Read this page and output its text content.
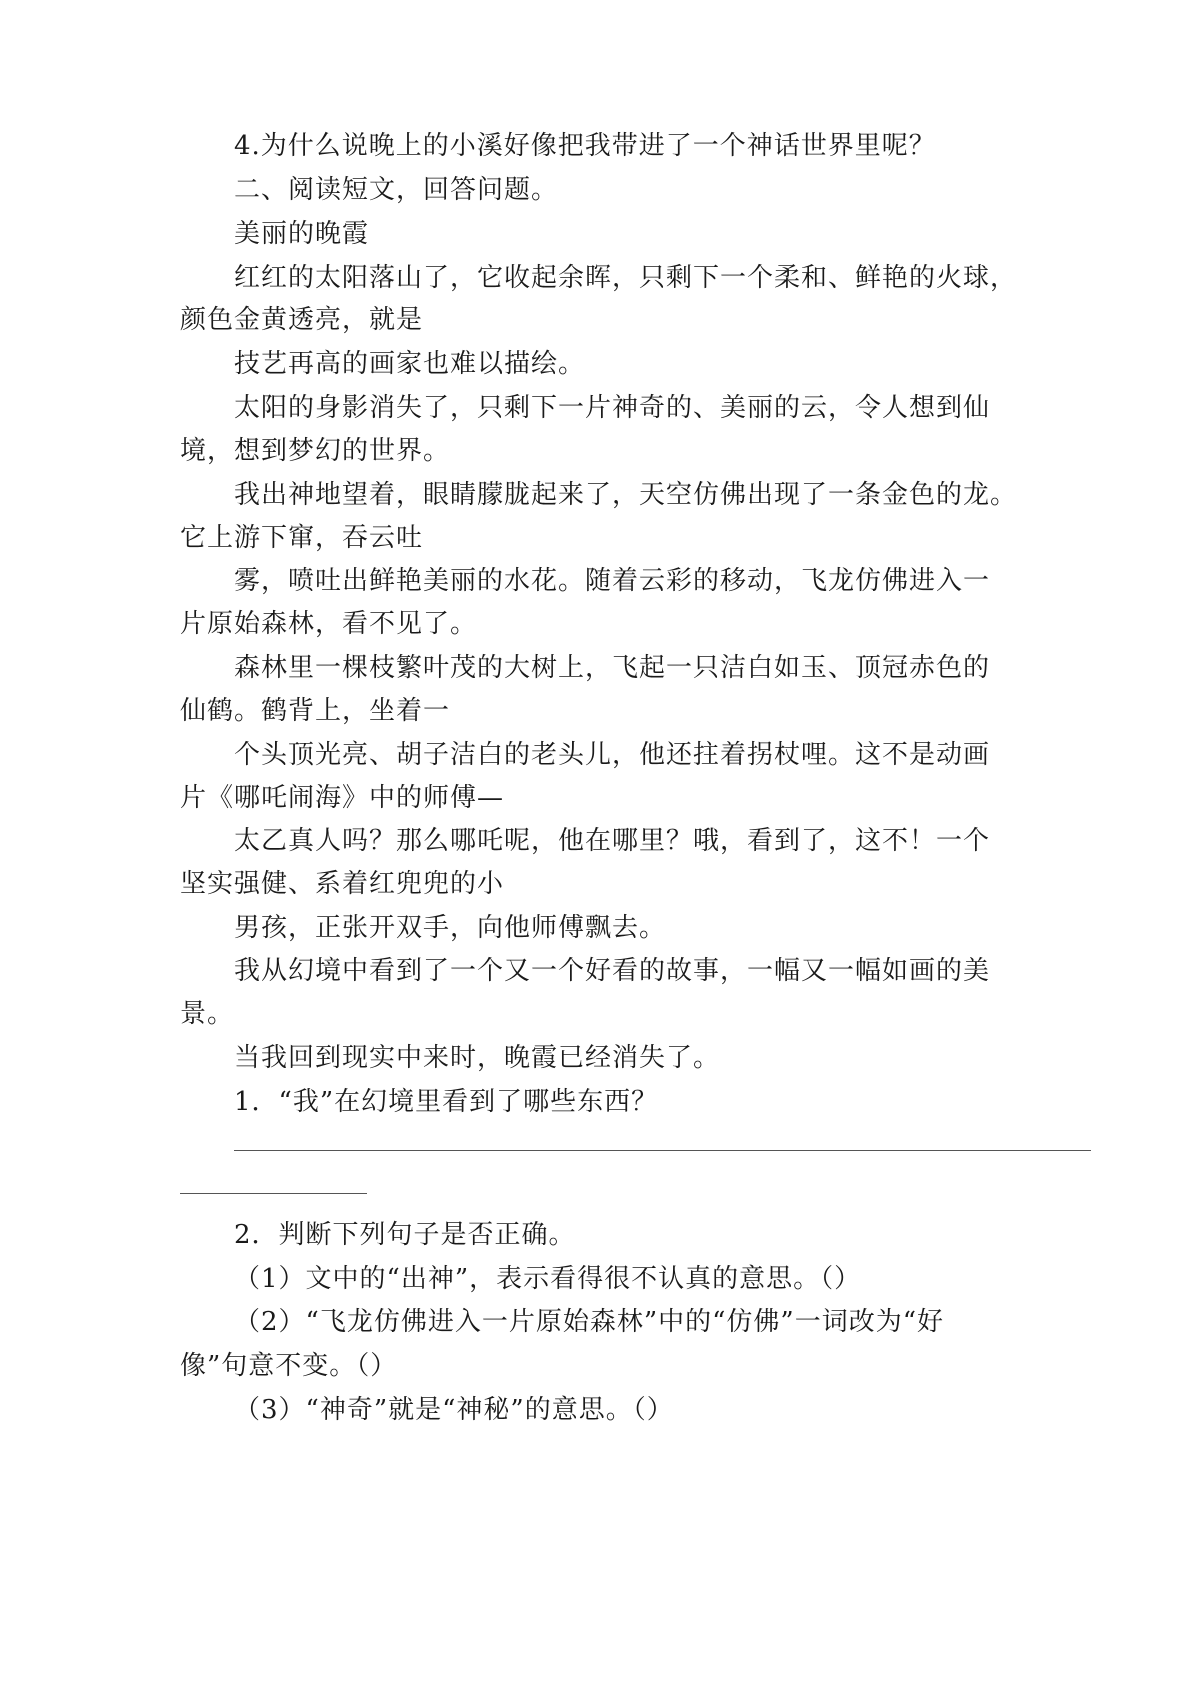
4.为什么说晚上的小溪好像把我带进了一个神话世界里呢？
二、阅读短文，回答问题。
美丽的晚霞
红红的太阳落山了，它收起余晖，只剩下一个柔和、鲜艳的火球，
颜色金黄透亮，就是
技艺再高的画家也难以描绘。
太阳的身影消失了，只剩下一片神奇的、美丽的云，令人想到仙
境，想到梦幻的世界。
我出神地望着，眼睛朦胧起来了，天空仿佛出现了一条金色的龙。
它上游下窜，吞云吐
雾，喷吐出鲜艳美丽的水花。随着云彩的移动，飞龙仿佛进入一
片原始森林，看不见了。
森林里一棵枝繁叶茂的大树上，飞起一只洁白如玉、顶冠赤色的
仙鹤。鹤背上，坐着一
个头顶光亮、胡子洁白的老头儿，他还拄着拐杖哩。这不是动画
片《哪吒闹海》中的师傅—
太乙真人吗？那么哪吒呢，他在哪里？哦，看到了，这不！一个
坚实强健、系着红兜兜的小
男孩，正张开双手，向他师傅飘去。
我从幻境中看到了一个又一个好看的故事，一幅又一幅如画的美
景。
当我回到现实中来时，晚霞已经消失了。
1．“我”在幻境里看到了哪些东西？
2．判断下列句子是否正确。
（1）文中的“出神”，表示看得很不认真的意思。（）
（2）“飞龙仿佛进入一片原始森林”中的“仿佛”一词改为“好
像”句意不变。（）
（3）“神奇”就是“神秘”的意思。（）
